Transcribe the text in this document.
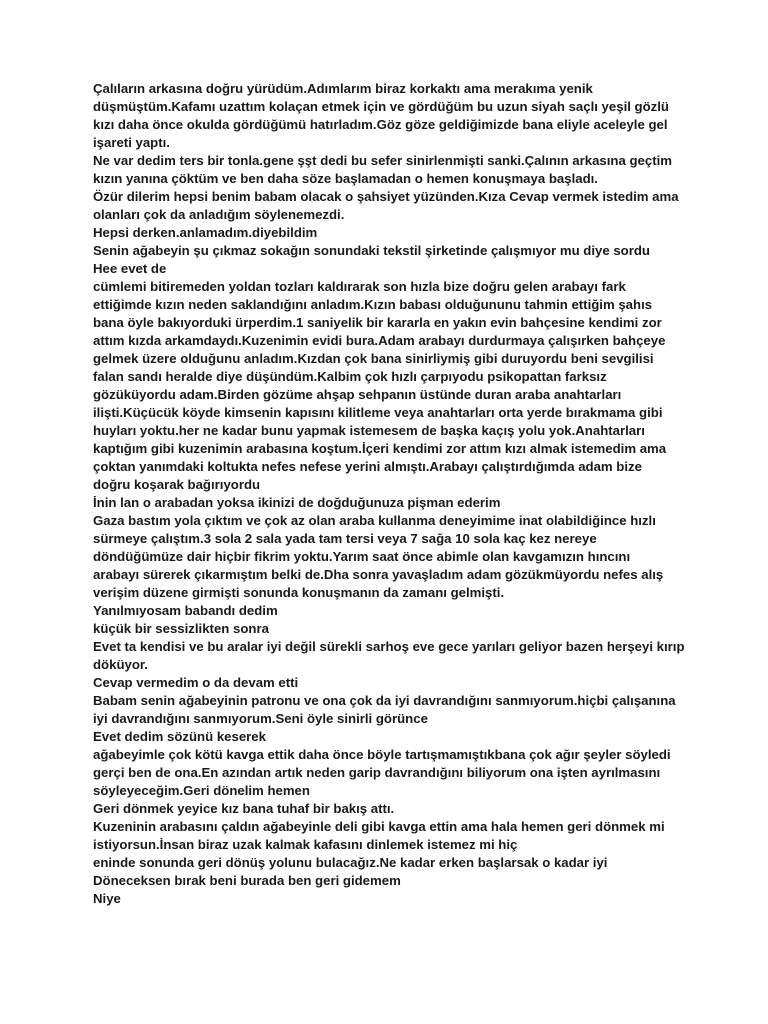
Çalıların arkasına doğru yürüdüm.Adımlarım biraz korkaktı ama merakıma yenik
düşmüştüm.Kafamı uzattım kolaçan etmek için ve gördüğüm bu uzun siyah saçlı yeşil gözlü
kızı daha önce okulda gördüğümü hatırladım.Göz göze geldiğimizde bana eliyle aceleyle gel
işareti yaptı.
Ne var dedim ters bir tonla.gene şşt dedi bu sefer sinirlenmişti sanki.Çalının arkasına geçtim
kızın yanına çöktüm ve ben daha söze başlamadan o hemen konuşmaya başladı.
Özür dilerim hepsi benim babam olacak o şahsiyet yüzünden.Kıza Cevap vermek istedim ama
olanları çok da anladığım söylenemezdi.
Hepsi derken.anlamadım.diyebildim
Senin ağabeyin şu çıkmaz sokağın sonundaki tekstil şirketinde çalışmıyor mu diye sordu
Hee evet de
cümlemi bitiremeden yoldan tozları kaldırarak son hızla bize doğru gelen arabayı fark
ettiğimde kızın neden saklandığını anladım.Kızın babası olduğununu tahmin ettiğim şahıs
bana öyle bakıyorduki ürperdim.1 saniyelik bir kararla en yakın evin bahçesine kendimi zor
attım kızda arkamdaydı.Kuzenimin evidi bura.Adam arabayı durdurmaya çalışırken bahçeye
gelmek üzere olduğunu anladım.Kızdan çok bana sinirliymiş gibi duruyordu beni sevgilisi
falan sandı heralde diye düşündüm.Kalbim çok hızlı çarpıyodu psikopattan farksız
gözüküyordu adam.Birden gözüme ahşap sehpanın üstünde duran araba anahtarları
ilişti.Küçücük köyde kimsenin kapısını kilitleme veya anahtarları orta yerde bırakmama gibi
huyları yoktu.her ne kadar bunu yapmak istemesem de başka kaçış yolu yok.Anahtarları
kaptığım gibi kuzenimin arabasına koştum.İçeri kendimi zor attım kızı almak istemedim ama
çoktan yanımdaki koltukta nefes nefese yerini almıştı.Arabayı çalıştırdığımda adam bize
doğru koşarak bağırıyordu
İnin lan o arabadan yoksa ikinizi de doğduğunuza pişman ederim
Gaza bastım yola çıktım ve çok az olan araba kullanma deneyimime inat olabildiğince hızlı
sürmeye çalıştım.3 sola 2 sala yada tam tersi veya 7 sağa 10 sola kaç kez nereye
döndüğümüze dair hiçbir fikrim yoktu.Yarım saat önce abimle olan kavgamızın hıncını
arabayı sürerek çıkarmıştım belki de.Dha sonra yavaşladım adam gözükmüyordu nefes alış
verişim düzene girmişti sonunda konuşmanın da zamanı gelmişti.
Yanılmıyosam babandı dedim
küçük bir sessizlikten sonra
Evet ta kendisi ve bu aralar iyi değil sürekli sarhoş eve gece yarıları geliyor bazen herşeyi kırıp
döküyor.
Cevap vermedim o da devam etti
Babam senin ağabeyinin patronu ve ona çok da iyi davrandığını sanmıyorum.hiçbi çalışanına
iyi davrandığını sanmıyorum.Seni öyle sinirli görünce
Evet dedim sözünü keserek
ağabeyimle çok kötü kavga ettik daha önce böyle tartışmamıştıkbana çok ağır şeyler söyledi
gerçi ben de ona.En azından artık neden garip davrandığını biliyorum ona işten ayrılmasını
söyleyeceğim.Geri dönelim hemen
Geri dönmek yeyice kız bana tuhaf bir bakış attı.
Kuzeninin arabasını çaldın ağabeyinle deli gibi kavga ettin ama hala hemen geri dönmek mi
istiyorsun.İnsan biraz uzak kalmak kafasını dinlemek istemez mi hiç
eninde sonunda geri dönüş yolunu bulacağız.Ne kadar erken başlarsak o kadar iyi
Döneceksen bırak beni burada ben geri gidemem
Niye
